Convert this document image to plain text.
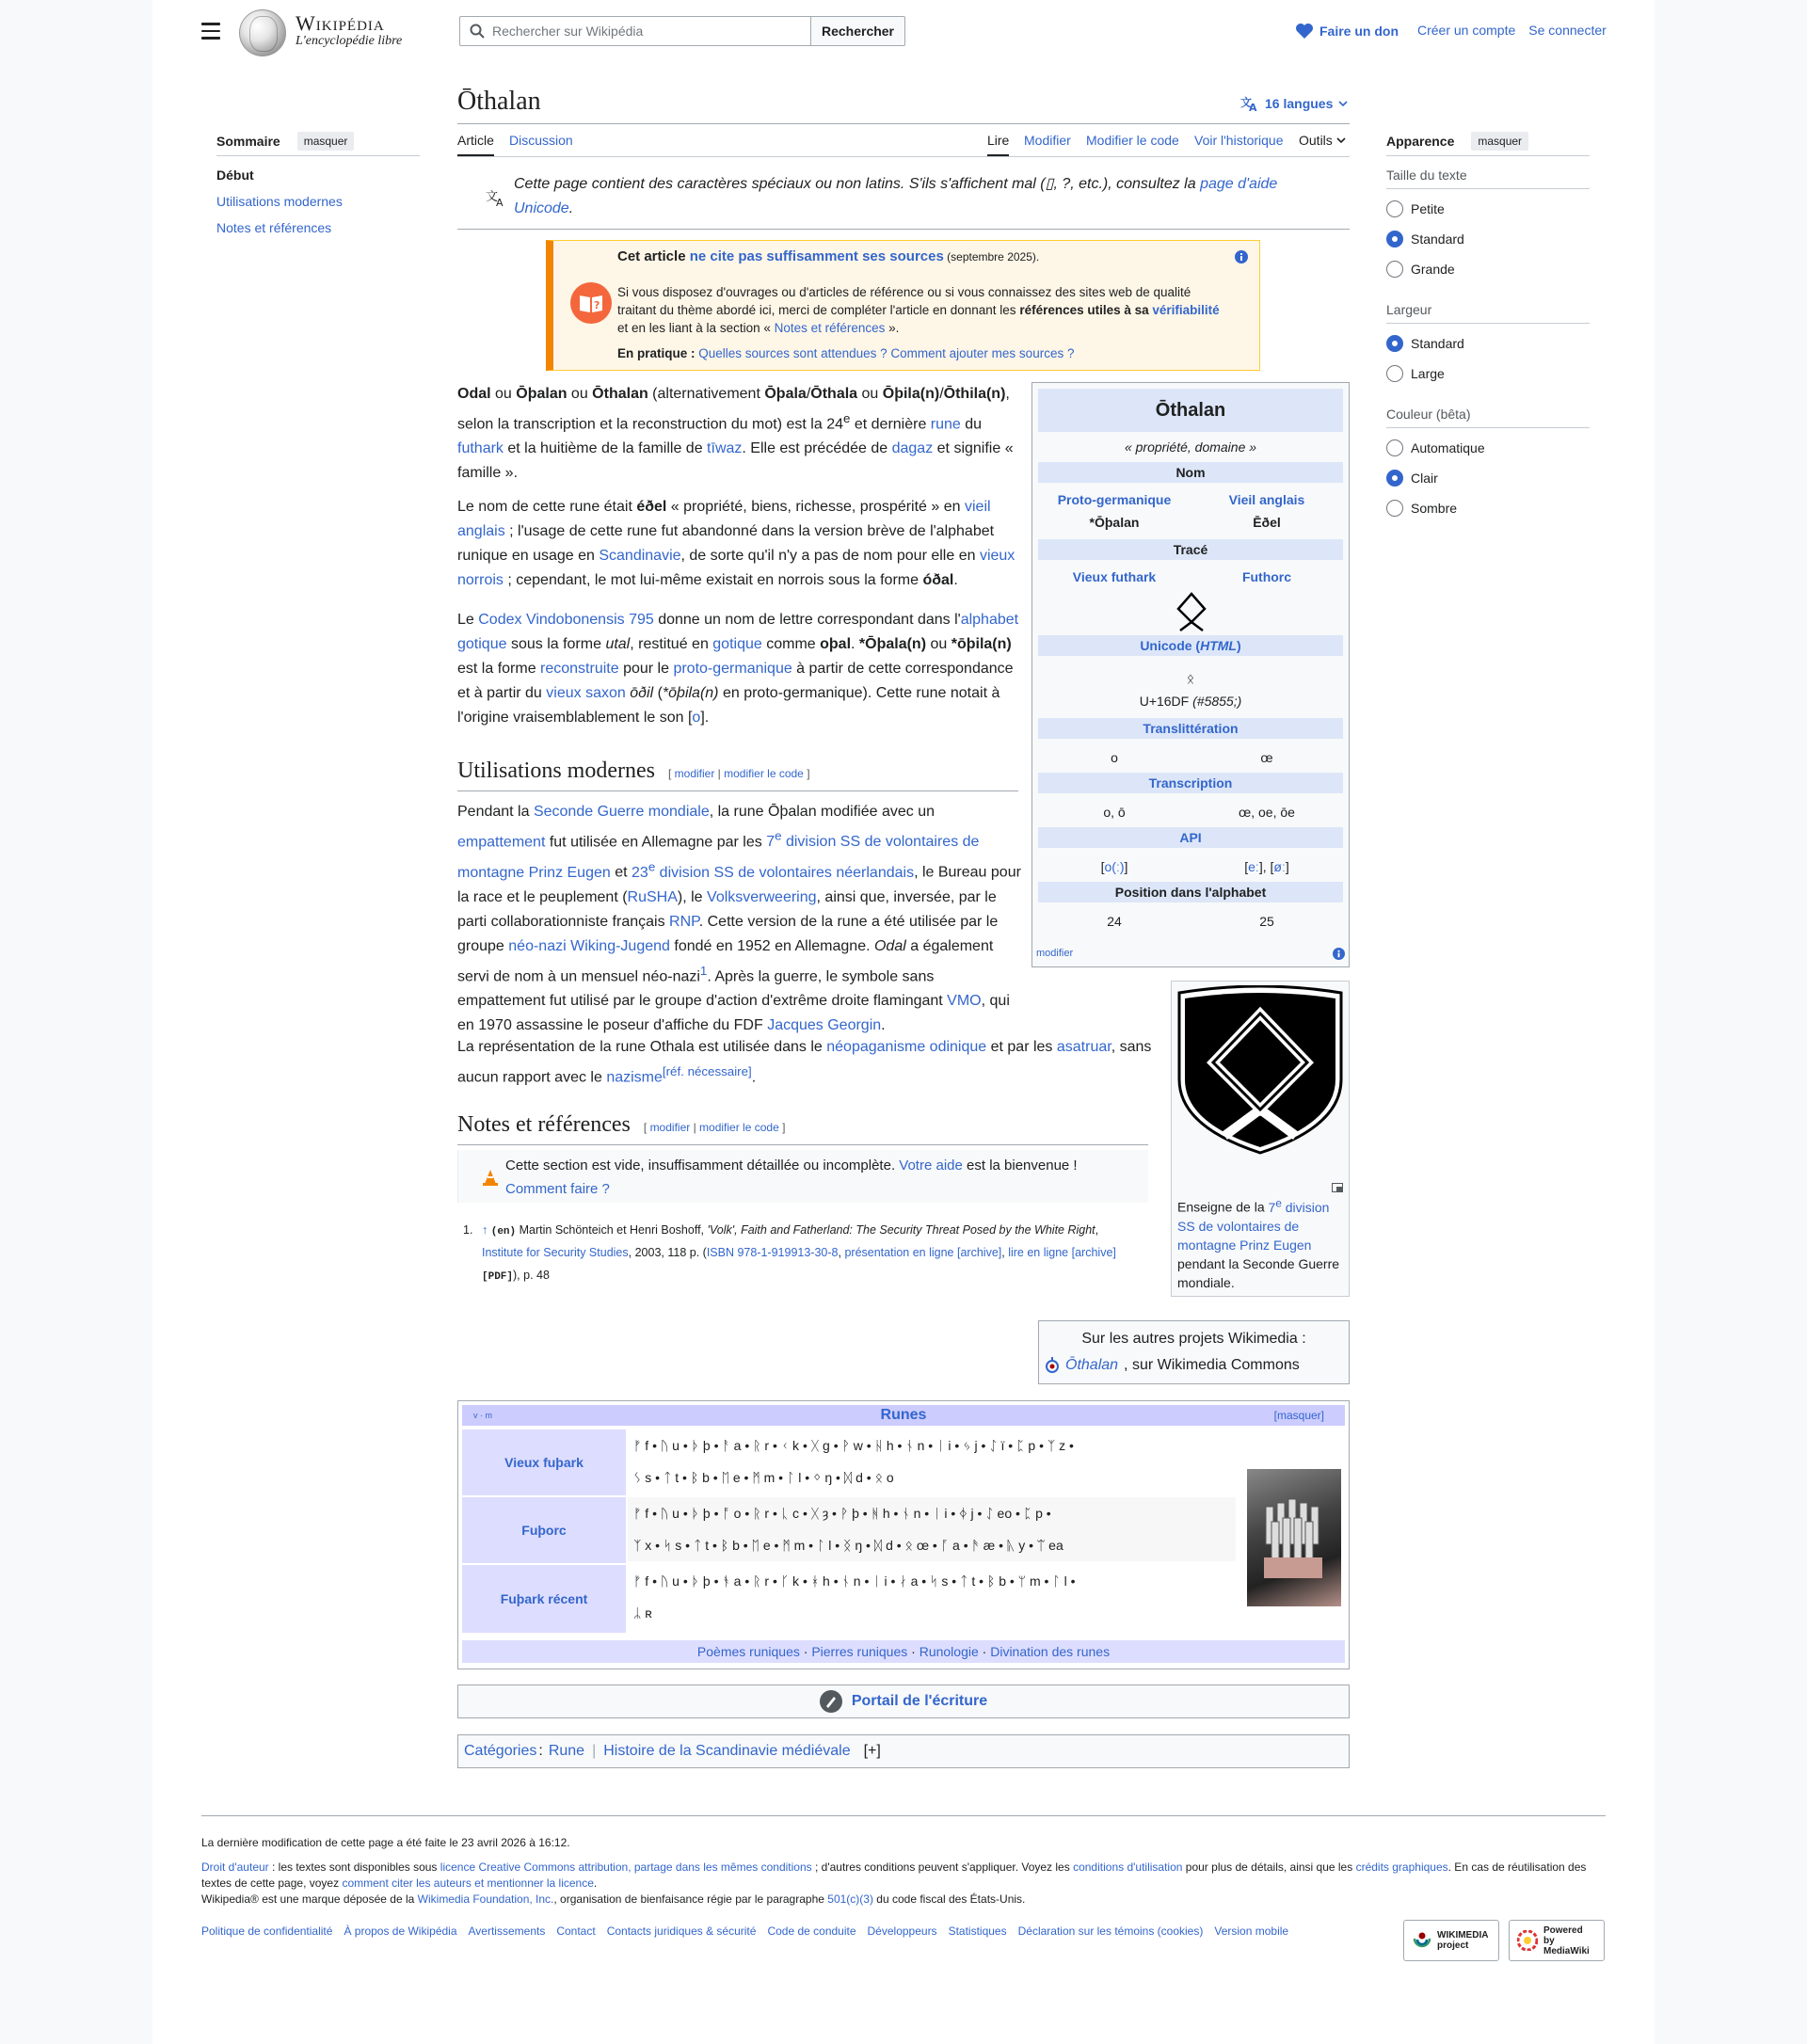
Wikipédia
L'encyclopédie libre
Rechercher sur Wikipédia	Rechercher	Faire un don Créer un compte Se connecter
Sommaire	masquer
Début
Utilisations modernes
Notes et références
Ōthalan	文
A 16 langues
Article Discussion	Lire Modifier Modifier le code Voir l'historique Outils
文
A
Cette page contient des caractères spéciaux ou non latins. S'ils s'affichent mal (▯, ?, etc.), consultez la page d'aide Unicode.
?
Cet article ne cite pas suffisamment ses sources (septembre 2025).
Si vous disposez d'ouvrages ou d'articles de référence ou si vous connaissez des sites web de qualité traitant du thème abordé ici, merci de compléter l'article en donnant les références utiles à sa vérifiabilité et en les liant à la section « Notes et références ».
En pratique : Quelles sources sont attendues ? Comment ajouter mes sources ?
Odal ou Ōþalan ou Ōthalan (alternativement Ōþala/Ōthala ou Ōþila(n)/Ōthila(n), selon la transcription et la reconstruction du mot) est la 24e et dernière rune du futhark et la huitième de la famille de tīwaz. Elle est précédée de dagaz et signifie « famille ».
Le nom de cette rune était éðel « propriété, biens, richesse, prospérité » en vieil anglais ; l'usage de cette rune fut abandonné dans la version brève de l'alphabet runique en usage en Scandinavie, de sorte qu'il n'y a pas de nom pour elle en vieux norrois ; cependant, le mot lui-même existait en norrois sous la forme óðal.
Le Codex Vindobonensis 795 donne un nom de lettre correspondant dans l'alphabet gotique sous la forme utal, restitué en gotique comme oþal. *Ōþala(n) ou *ōþila(n) est la forme reconstruite pour le proto-germanique à partir de cette correspondance et à partir du vieux saxon ōðil (*ōþila(n) en proto-germanique). Cette rune notait à l'origine vraisemblablement le son [o].
Utilisations modernes [ modifier | modifier le code ]
Pendant la Seconde Guerre mondiale, la rune Ōþalan modifiée avec un empattement fut utilisée en Allemagne par les 7e division SS de volontaires de montagne Prinz Eugen et 23e division SS de volontaires néerlandais, le Bureau pour la race et le peuplement (RuSHA), le Volksverweering, ainsi que, inversée, par le parti collaborationniste français RNP. Cette version de la rune a été utilisée par le groupe néo-nazi Wiking-Jugend fondé en 1952 en Allemagne. Odal a également servi de nom à un mensuel néo-nazi$^1$. Après la guerre, le symbole sans empattement fut utilisé par le groupe d'action d'extrême droite flamingant VMO, qui en 1970 assassine le poseur d'affiche du FDF Jacques Georgin.
La représentation de la rune Othala est utilisée dans le néopaganisme odinique et par les asatruar, sans aucun rapport avec le nazisme[réf. nécessaire].
Notes et références [ modifier | modifier le code ]
Cette section est vide, insuffisamment détaillée ou incomplète. Votre aide est la bienvenue ! Comment faire ?
1. ↑ (en) Martin Schönteich et Henri Boshoff, 'Volk', Faith and Fatherland: The Security Threat Posed by the White Right, Institute for Security Studies, 2003, 118 p. (ISBN 978-1-919913-30-8, présentation en ligne [archive], lire en ligne [archive] [PDF]), p. 48
Ōthalan
« propriété, domaine »
Nom
Proto-germanique	Vieil anglais
*Ōþalan	Ēðel
Tracé
Vieux futhark	Futhorc
Unicode (HTML)
ᛟ
U+16DF (#5855;)
Translittération
o	œ
Transcription
o, ō	œ, oe, ōe
API
[o(ː)]	[eː], [øː]
Position dans l'alphabet
24	25
modifier
Enseigne de la 7e division SS de volontaires de montagne Prinz Eugen pendant la Seconde Guerre mondiale.
Sur les autres projets Wikimedia :
Ōthalan , sur Wikimedia Commons
v · m	Runes	[masquer]
Vieux fuþark
ᚠ f • ᚢ u • ᚦ þ • ᚨ a • ᚱ r • ᚲ k • ᚷ g • ᚹ w • ᚺ h • ᚾ n • ᛁ i • ᛃ j • ᛇ ï • ᛈ p • ᛉ z •
ᛊ s • ᛏ t • ᛒ b • ᛖ e • ᛗ m • ᛚ l • ᛜ ŋ • ᛞ d • ᛟ o
Fuþorc
ᚠ f • ᚢ u • ᚦ þ • ᚩ o • ᚱ r • ᚳ c • ᚷ ȝ • ᚹ þ • ᚻ h • ᚾ n • ᛁ i • ᛄ j • ᛇ eo • ᛈ p •
ᛉ x • ᛋ s • ᛏ t • ᛒ b • ᛖ e • ᛗ m • ᛚ l • ᛝ ŋ • ᛞ d • ᛟ œ • ᚪ a • ᚫ æ • ᚣ y • ᛠ ea
Fuþark récent
ᚠ f • ᚢ u • ᚦ þ • ᚬ a • ᚱ r • ᚴ k • ᚼ h • ᚾ n • ᛁ i • ᛅ a • ᛋ s • ᛏ t • ᛒ b • ᛘ m • ᛚ l •
ᛦ ʀ
Poèmes runiques · Pierres runiques · Runologie · Divination des runes
Portail de l'écriture
Catégories : Rune | Histoire de la Scandinavie médiévale [+]
Apparence	masquer
Taille du texte
Petite
Standard
Grande
Largeur
Standard
Large
Couleur (bêta)
Automatique
Clair
Sombre
La dernière modification de cette page a été faite le 23 avril 2026 à 16:12.
Droit d'auteur : les textes sont disponibles sous licence Creative Commons attribution, partage dans les mêmes conditions ; d'autres conditions peuvent s'appliquer. Voyez les conditions d'utilisation pour plus de détails, ainsi que les crédits graphiques. En cas de réutilisation des textes de cette page, voyez comment citer les auteurs et mentionner la licence.
Wikipedia® est une marque déposée de la Wikimedia Foundation, Inc., organisation de bienfaisance régie par le paragraphe 501(c)(3) du code fiscal des États-Unis.
Politique de confidentialité À propos de Wikipédia Avertissements Contact Contacts juridiques & sécurité Code de conduite Développeurs Statistiques Déclaration sur les témoins (cookies) Version mobile	WIKIMEDIA project
Powered by MediaWiki
